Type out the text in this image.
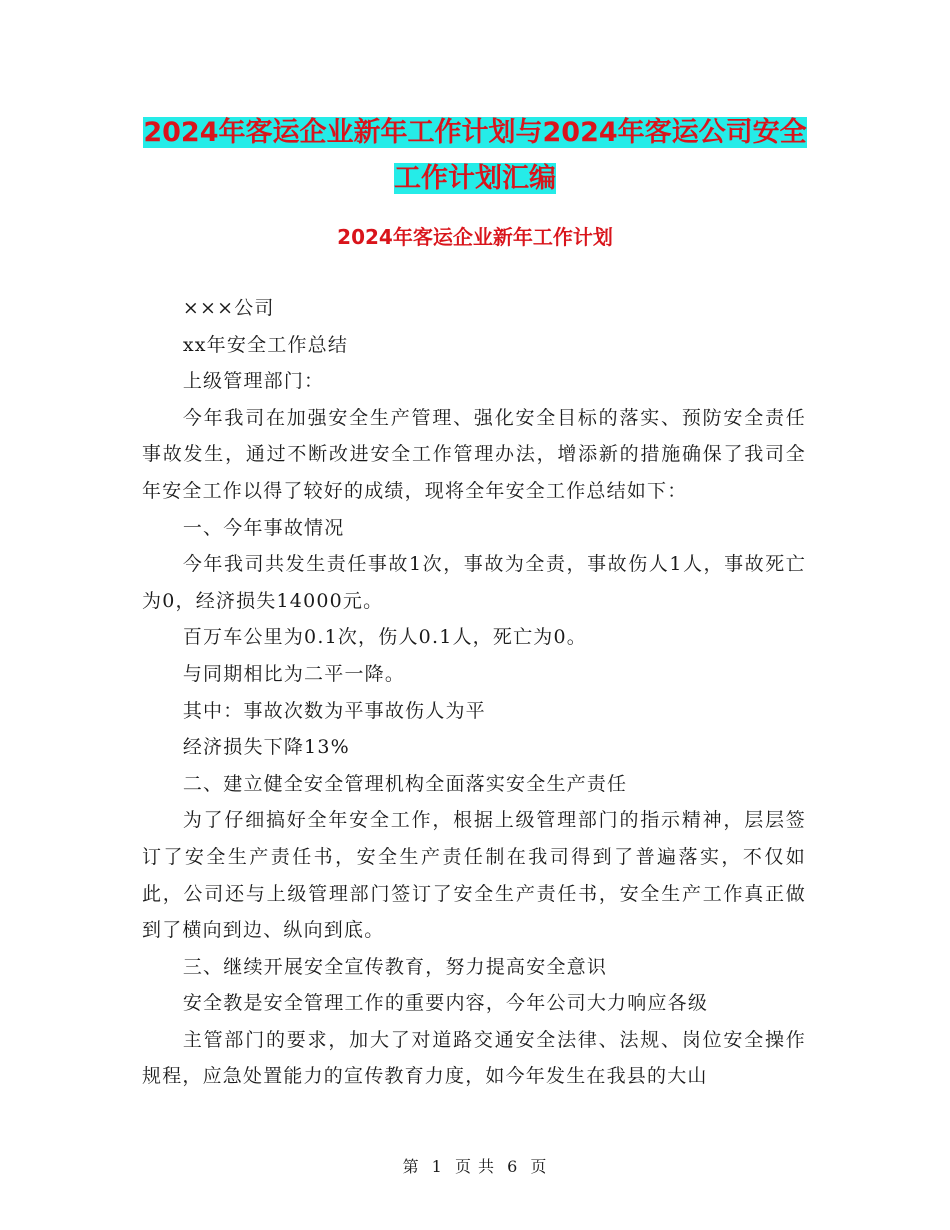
2024年客运企业新年工作计划与2024年客运公司安全工作计划汇编
2024年客运企业新年工作计划

×××公司

xx年安全工作总结

上级管理部门：

今年我司在加强安全生产管理、强化安全目标的落实、预防安全责任事故发生，通过不断改进安全工作管理办法，增添新的措施确保了我司全年安全工作以得了较好的成绩，现将全年安全工作总结如下：

一、今年事故情况

今年我司共发生责任事故1次，事故为全责，事故伤人1人，事故死亡为0，经济损失14000元。

百万车公里为0.1次，伤人0.1人，死亡为0。

与同期相比为二平一降。

其中：事故次数为平事故伤人为平

经济损失下降13%

二、建立健全安全管理机构全面落实安全生产责任

为了仔细搞好全年安全工作，根据上级管理部门的指示精神，层层签订了安全生产责任书，安全生产责任制在我司得到了普遍落实，不仅如此，公司还与上级管理部门签订了安全生产责任书，安全生产工作真正做到了横向到边、纵向到底。

三、继续开展安全宣传教育，努力提高安全意识

安全教是安全管理工作的重要内容，今年公司大力响应各级

主管部门的要求，加大了对道路交通安全法律、法规、岗位安全操作规程，应急处置能力的宣传教育力度，如今年发生在我县的大山

第 1 页 共 6 页
